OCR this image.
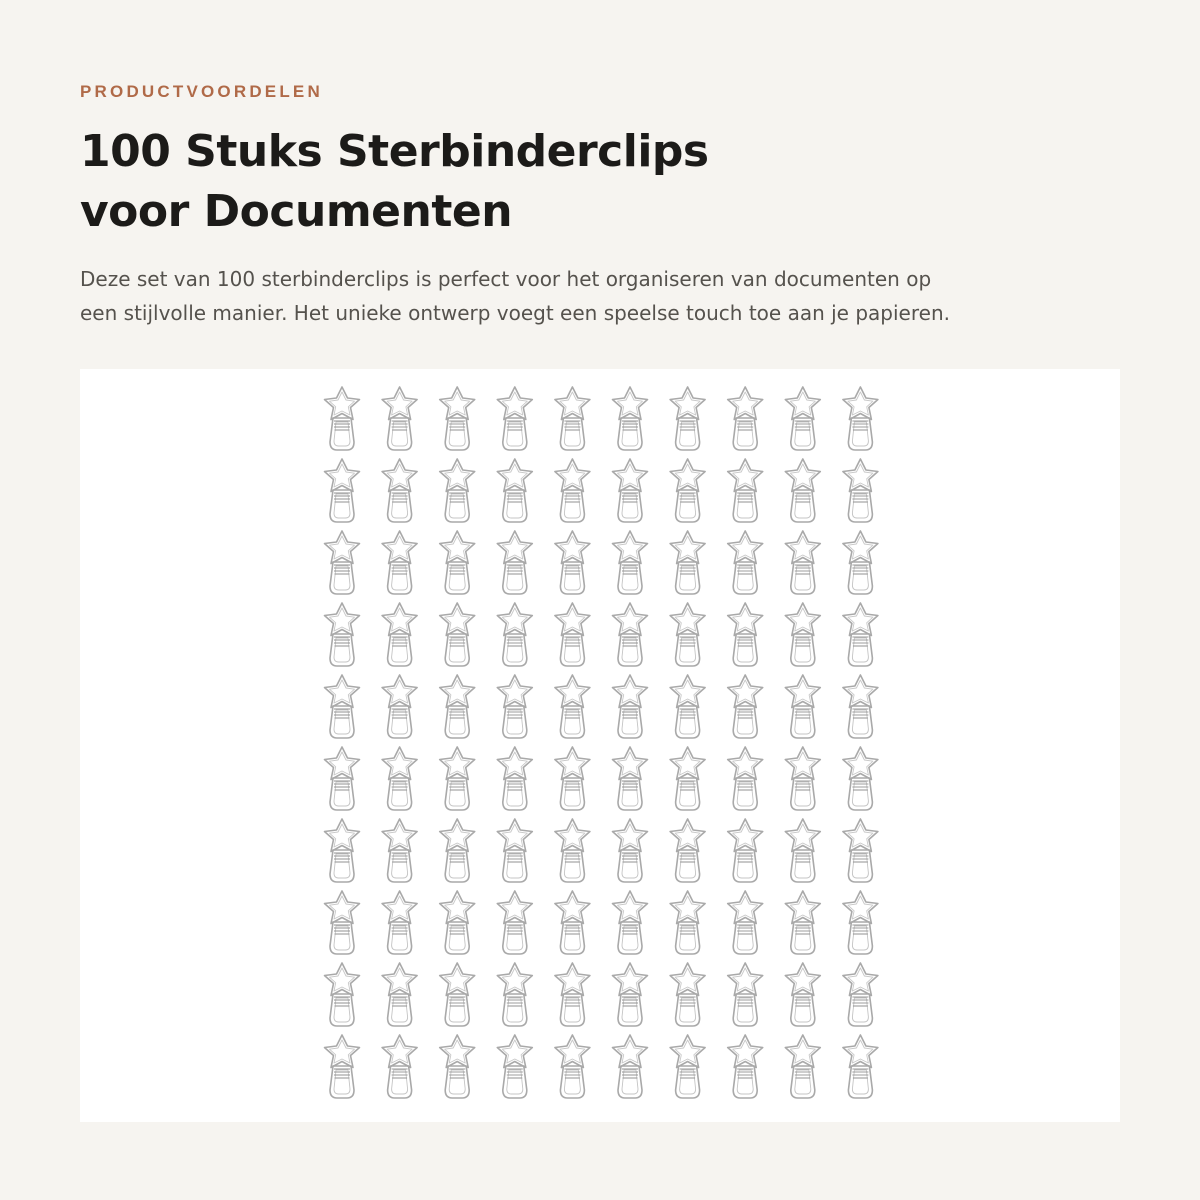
PRODUCTVOORDELEN

100 Stuks Sterbinderclips
voor Documenten

Deze set van 100 sterbinderclips is perfect voor het organiseren van documenten op
een stijlvolle manier. Het unieke ontwerp voegt een speelse touch toe aan je papieren.
